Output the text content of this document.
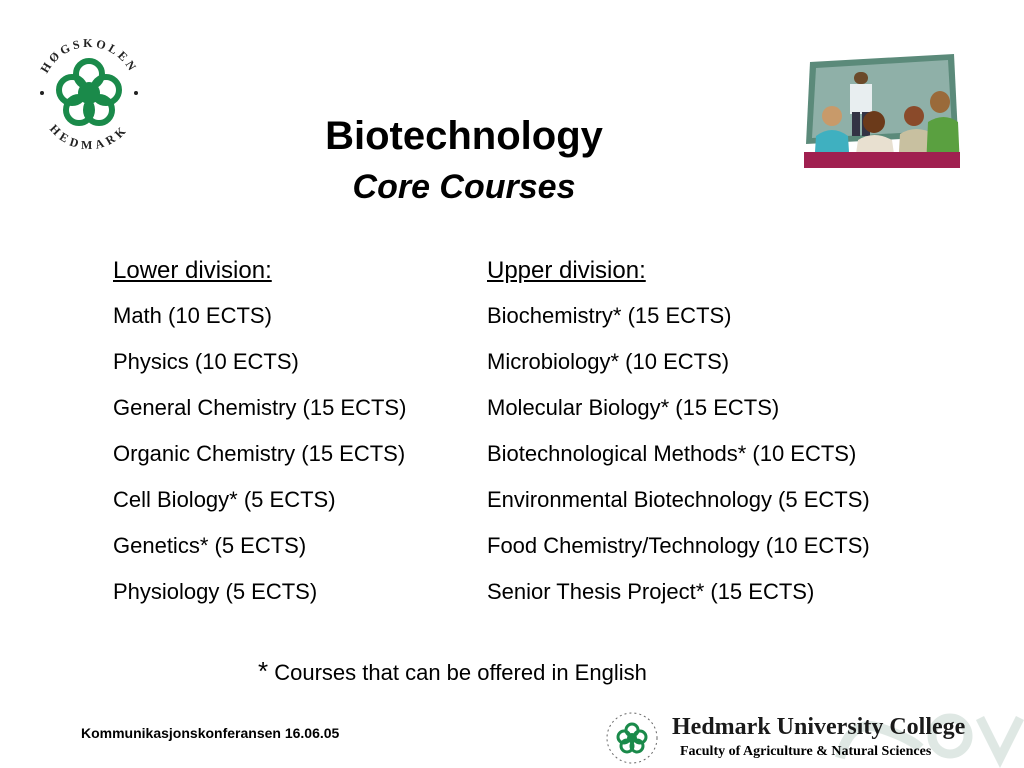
HØGSKOLEN
HEDMARK	Biotechnology
Core Courses
Lower division:
Math (10 ECTS)
Physics (10 ECTS)
General Chemistry (15 ECTS)
Organic Chemistry (15 ECTS)
Cell Biology* (5 ECTS)
Genetics* (5 ECTS)
Physiology (5 ECTS)
Upper division:
Biochemistry* (15 ECTS)
Microbiology* (10 ECTS)
Molecular Biology* (15 ECTS)
Biotechnological Methods* (10 ECTS)
Environmental Biotechnology (5 ECTS)
Food Chemistry/Technology (10 ECTS)
Senior Thesis Project* (15 ECTS)
* Courses that can be offered in English
Kommunikasjonskonferansen 16.06.05	Hedmark University College
Faculty of Agriculture & Natural Sciences
